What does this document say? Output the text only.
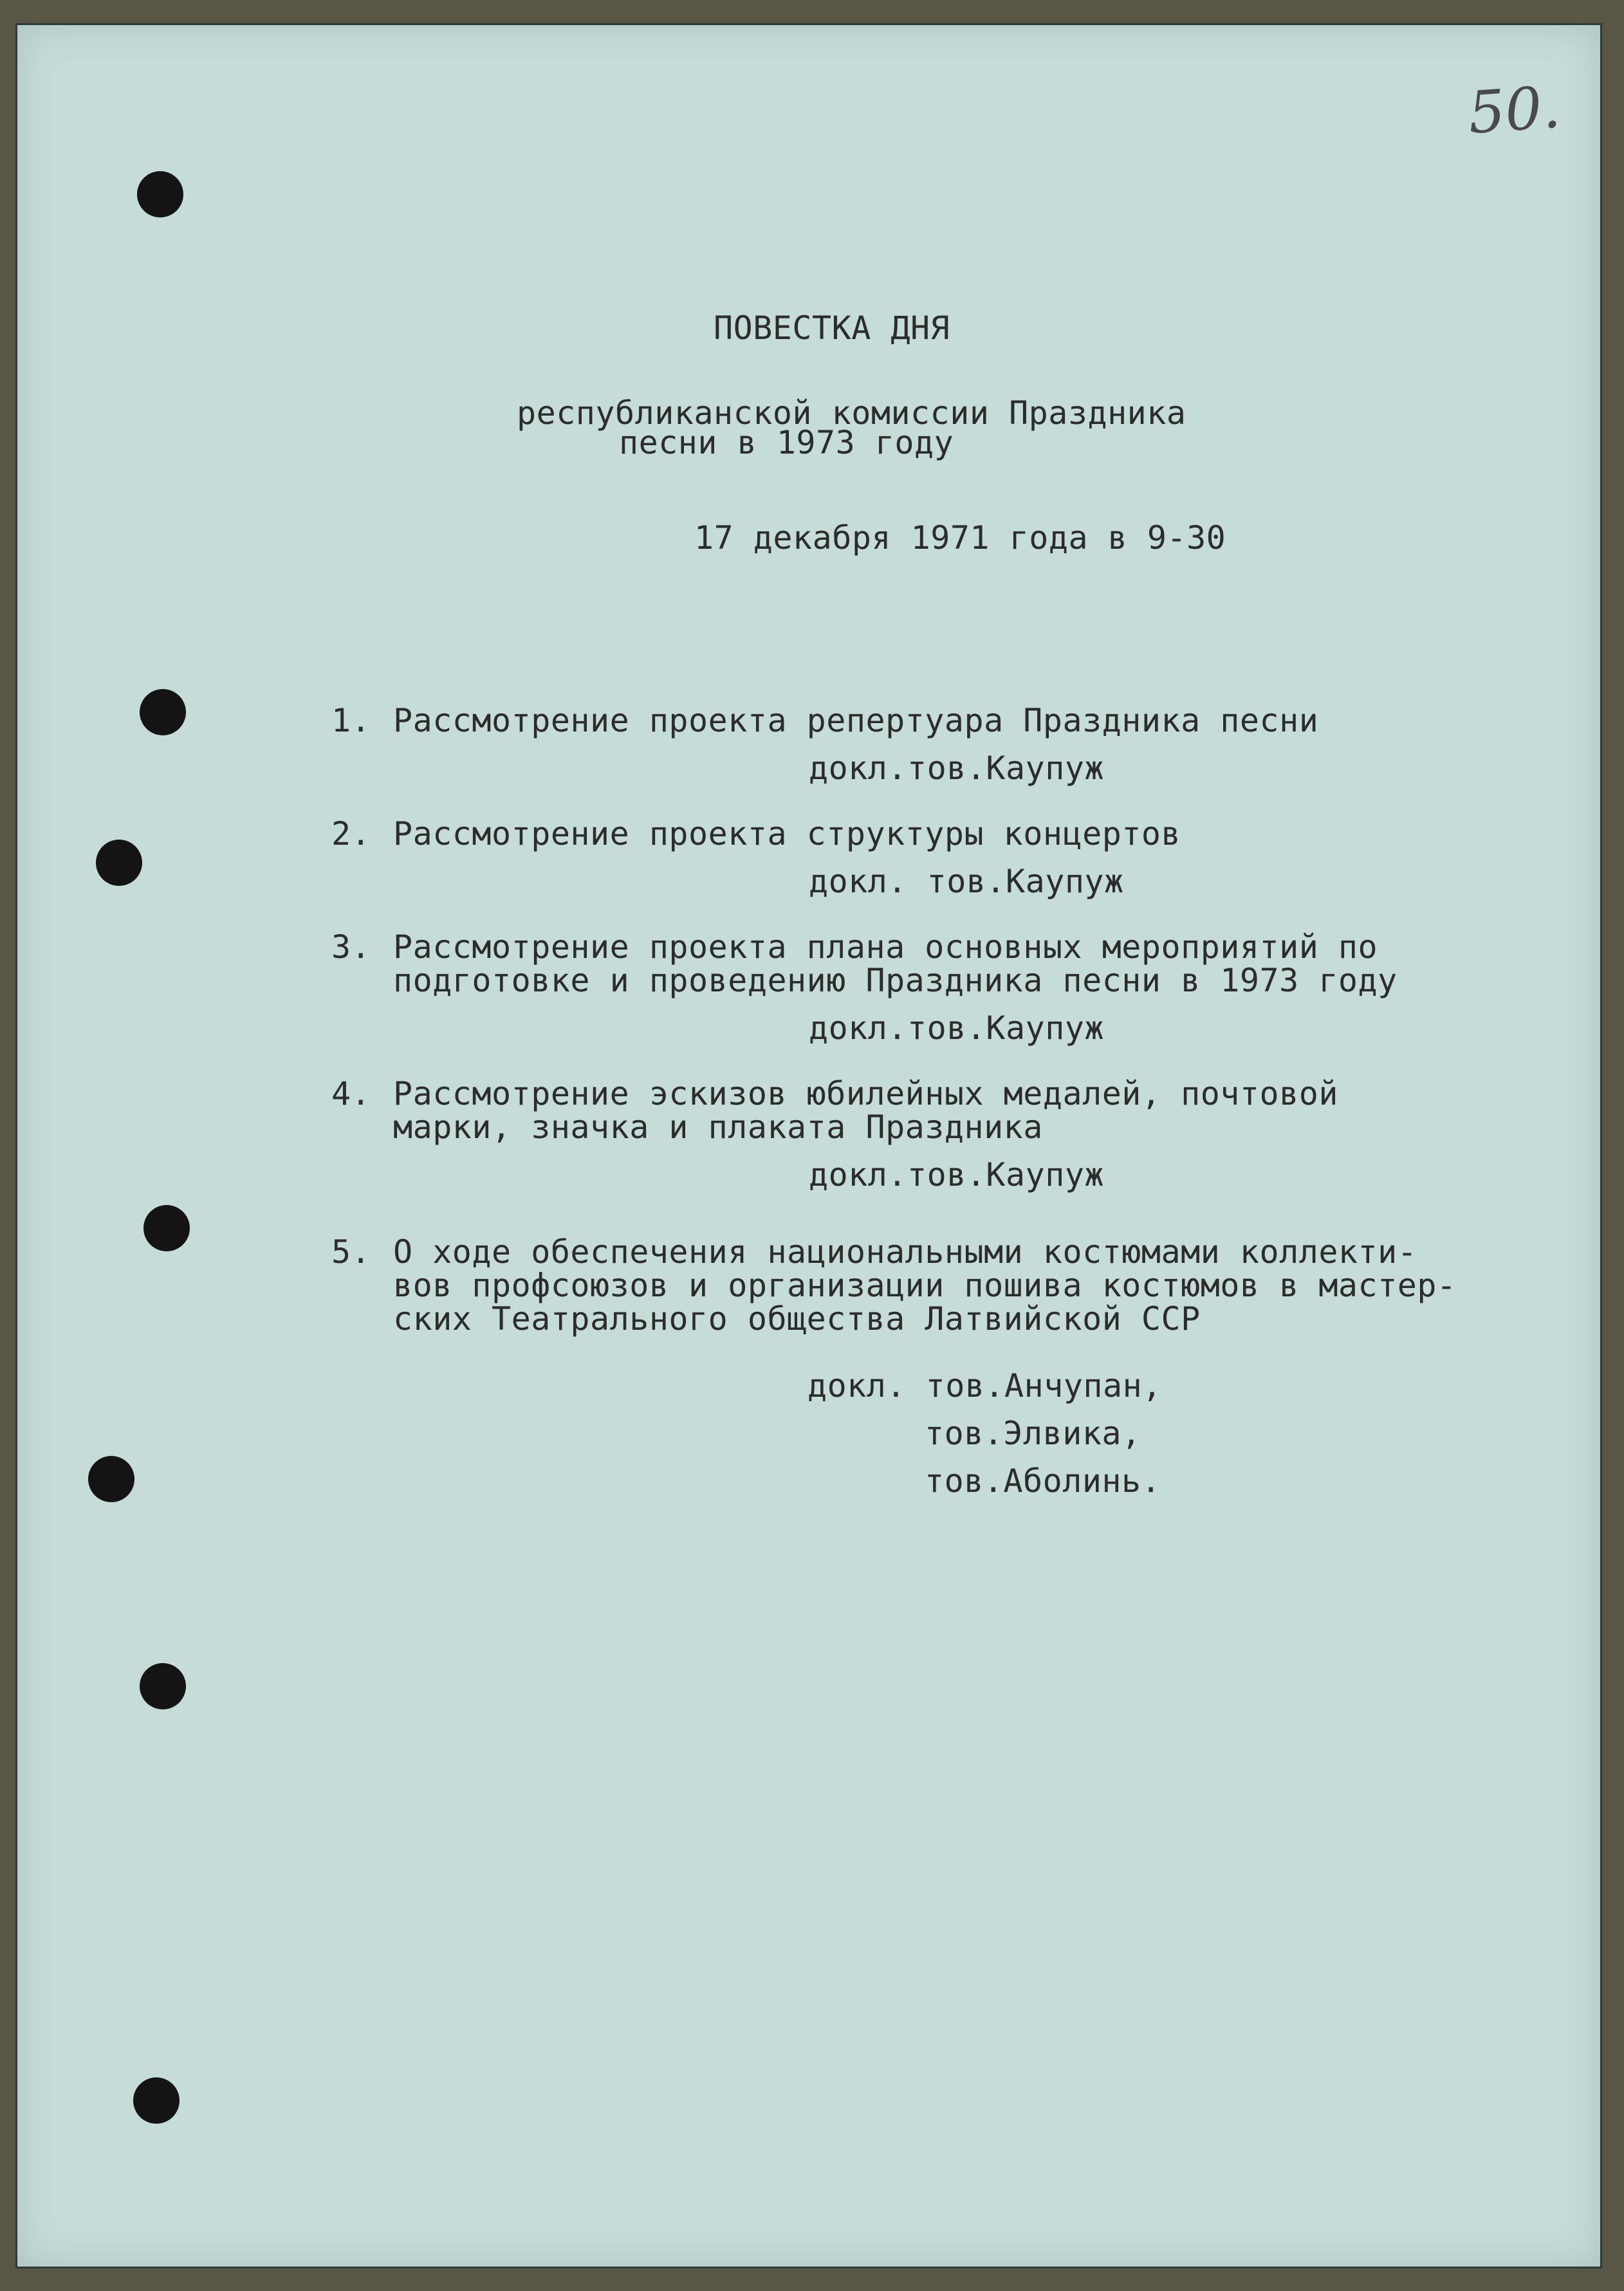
50.

ПОВЕСТКА ДНЯ

республиканской комиссии Праздника

песни в 1973 году

17 декабря 1971 года в 9-30

1. Рассмотрение проекта репертуара Праздника песни

докл.тов.Каупуж

2. Рассмотрение проекта структуры концертов

докл. тов.Каупуж

3. Рассмотрение проекта плана основных мероприятий по

подготовке и проведению Праздника песни в 1973 году

докл.тов.Каупуж

4. Рассмотрение эскизов юбилейных медалей, почтовой

марки, значка и плаката Праздника

докл.тов.Каупуж

5. О ходе обеспечения национальными костюмами коллекти-

вов профсоюзов и организации пошива костюмов в мастер-

ских Театрального общества Латвийской ССР

докл. тов.Анчупан,

тов.Элвика,

тов.Аболинь.
